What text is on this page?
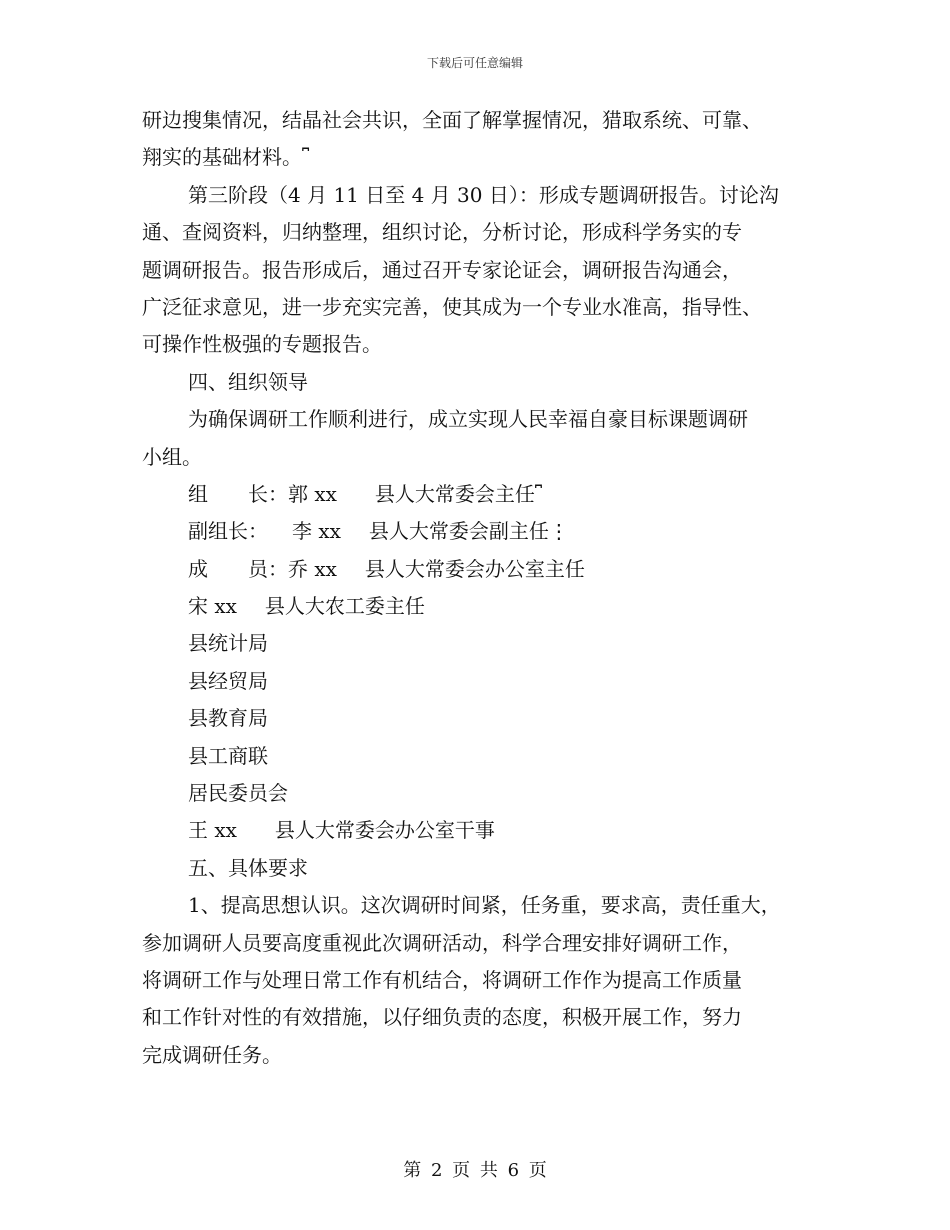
下载后可任意编辑
研边搜集情况，结晶社会共识，全面了解掌握情况，猎取系统、可靠、
翔实的基础材料。⎴
第三阶段（4 月 11 日至 4 月 30 日）：形成专题调研报告。讨论沟
通、查阅资料，归纳整理，组织讨论，分析讨论，形成科学务实的专
题调研报告。报告形成后，通过召开专家论证会，调研报告沟通会，
广泛征求意见，进一步充实完善，使其成为一个专业水准高，指导性、
可操作性极强的专题报告。
四、组织领导
为确保调研工作顺利进行，成立实现人民幸福自豪目标课题调研
小组。
组　　长：郭 xx 县人大常委会主任⎴
副组长： 李 xx 县人大常委会副主任⋮
成　　员：乔 xx 县人大常委会办公室主任
宋 xx 县人大农工委主任
县统计局
县经贸局
县教育局
县工商联
居民委员会
王 xx 县人大常委会办公室干事
五、具体要求
1、提高思想认识。这次调研时间紧，任务重，要求高，责任重大，
参加调研人员要高度重视此次调研活动，科学合理安排好调研工作，
将调研工作与处理日常工作有机结合，将调研工作作为提高工作质量
和工作针对性的有效措施，以仔细负责的态度，积极开展工作，努力
完成调研任务。
第 2 页 共 6 页
